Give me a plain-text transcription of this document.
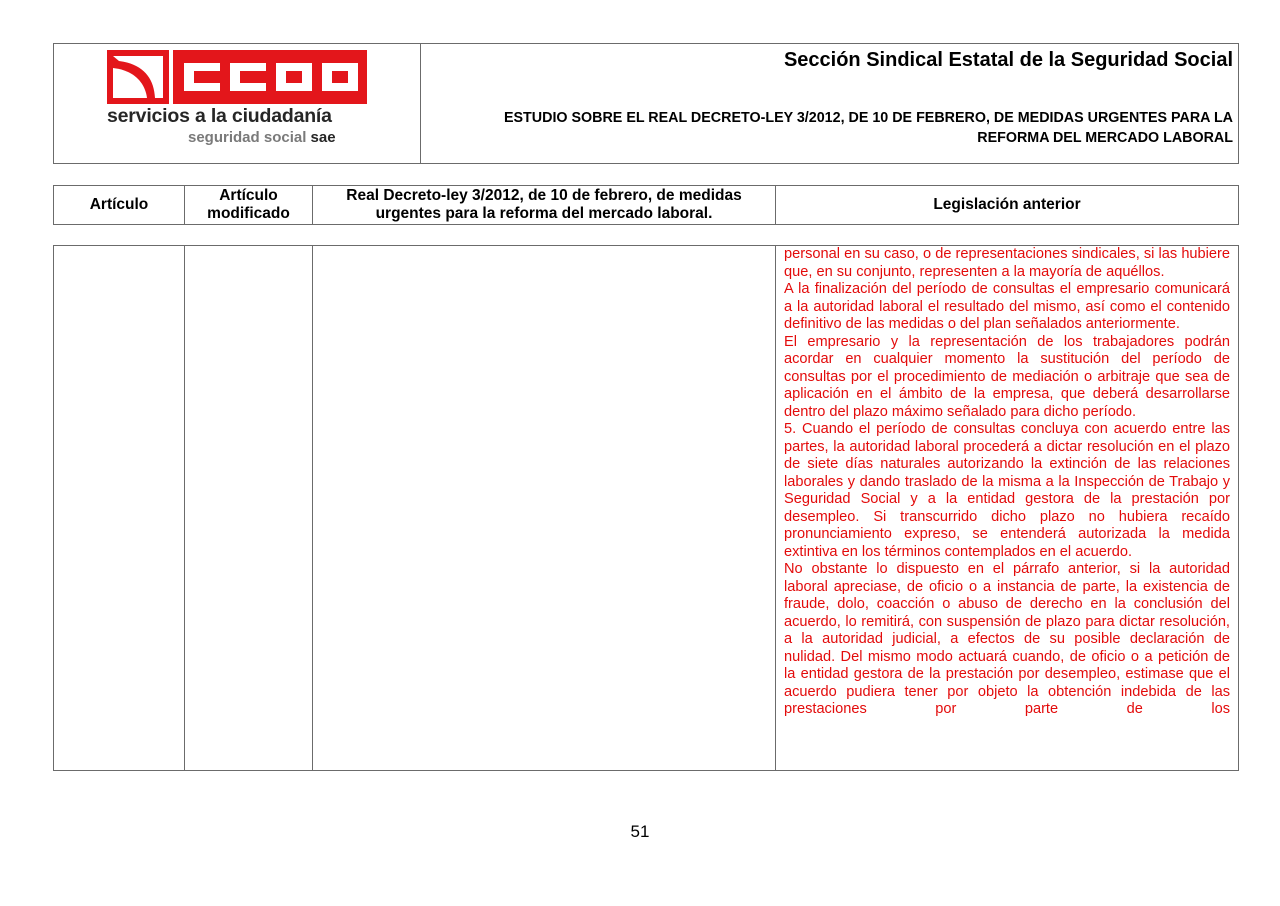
servicios a la ciudadanía
seguridad social sae
Sección Sindical Estatal de la Seguridad Social
ESTUDIO SOBRE EL REAL DECRETO-LEY 3/2012, DE 10 DE FEBRERO, DE MEDIDAS URGENTES PARA LA REFORMA DEL MERCADO LABORAL
Artículo
Artículo modificado
Real Decreto-ley 3/2012, de 10 de febrero, de medidas urgentes para la reforma del mercado laboral.
Legislación anterior

personal en su caso, o de representaciones sindicales, si las hubiere que, en su conjunto, representen a la mayoría de aquéllos.

A la finalización del período de consultas el empresario comunicará a la autoridad laboral el resultado del mismo, así como el contenido definitivo de las medidas o del plan señalados anteriormente.

El empresario y la representación de los trabajadores podrán acordar en cualquier momento la sustitución del período de consultas por el procedimiento de mediación o arbitraje que sea de aplicación en el ámbito de la empresa, que deberá desarrollarse dentro del plazo máximo señalado para dicho período.

5. Cuando el período de consultas concluya con acuerdo entre las partes, la autoridad laboral procederá a dictar resolución en el plazo de siete días naturales autorizando la extinción de las relaciones laborales y dando traslado de la misma a la Inspección de Trabajo y Seguridad Social y a la entidad gestora de la prestación por desempleo. Si transcurrido dicho plazo no hubiera recaído pronunciamiento expreso, se entenderá autorizada la medida extintiva en los términos contemplados en el acuerdo.

No obstante lo dispuesto en el párrafo anterior, si la autoridad laboral apreciase, de oficio o a instancia de parte, la existencia de fraude, dolo, coacción o abuso de derecho en la conclusión del acuerdo, lo remitirá, con suspensión de plazo para dictar resolución, a la autoridad judicial, a efectos de su posible declaración de nulidad. Del mismo modo actuará cuando, de oficio o a petición de la entidad gestora de la prestación por desempleo, estimase que el acuerdo pudiera tener por objeto la obtención indebida de las prestaciones por parte de los

51
